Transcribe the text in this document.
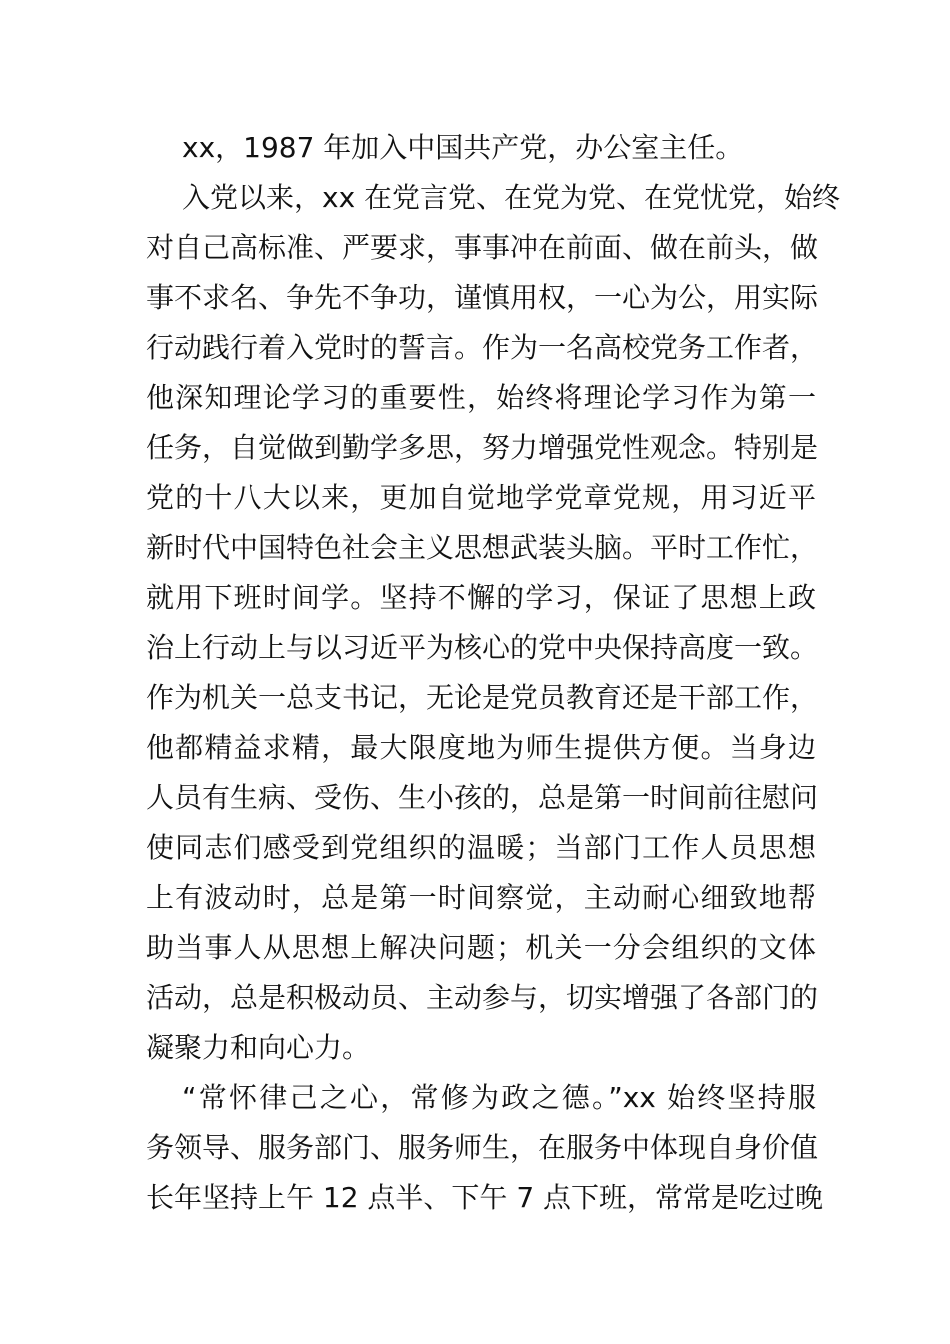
xx，1987 年加入中国共产党，办公室主任。
入党以来，xx 在党言党、在党为党、在党忧党，始终
对自己高标准、严要求，事事冲在前面、做在前头，做
事不求名、争先不争功，谨慎用权，一心为公，用实际
行动践行着入党时的誓言。作为一名高校党务工作者，
他深知理论学习的重要性，始终将理论学习作为第一
任务，自觉做到勤学多思，努力增强党性观念。特别是
党的十八大以来，更加自觉地学党章党规，用习近平
新时代中国特色社会主义思想武装头脑。平时工作忙，
就用下班时间学。坚持不懈的学习，保证了思想上政
治上行动上与以习近平为核心的党中央保持高度一致。
作为机关一总支书记，无论是党员教育还是干部工作，
他都精益求精，最大限度地为师生提供方便。当身边
人员有生病、受伤、生小孩的，总是第一时间前往慰问
使同志们感受到党组织的温暖；当部门工作人员思想
上有波动时，总是第一时间察觉，主动耐心细致地帮
助当事人从思想上解决问题；机关一分会组织的文体
活动，总是积极动员、主动参与，切实增强了各部门的
凝聚力和向心力。
“常怀律己之心，常修为政之德。”xx 始终坚持服
务领导、服务部门、服务师生，在服务中体现自身价值
长年坚持上午 12 点半、下午 7 点下班，常常是吃过晚
